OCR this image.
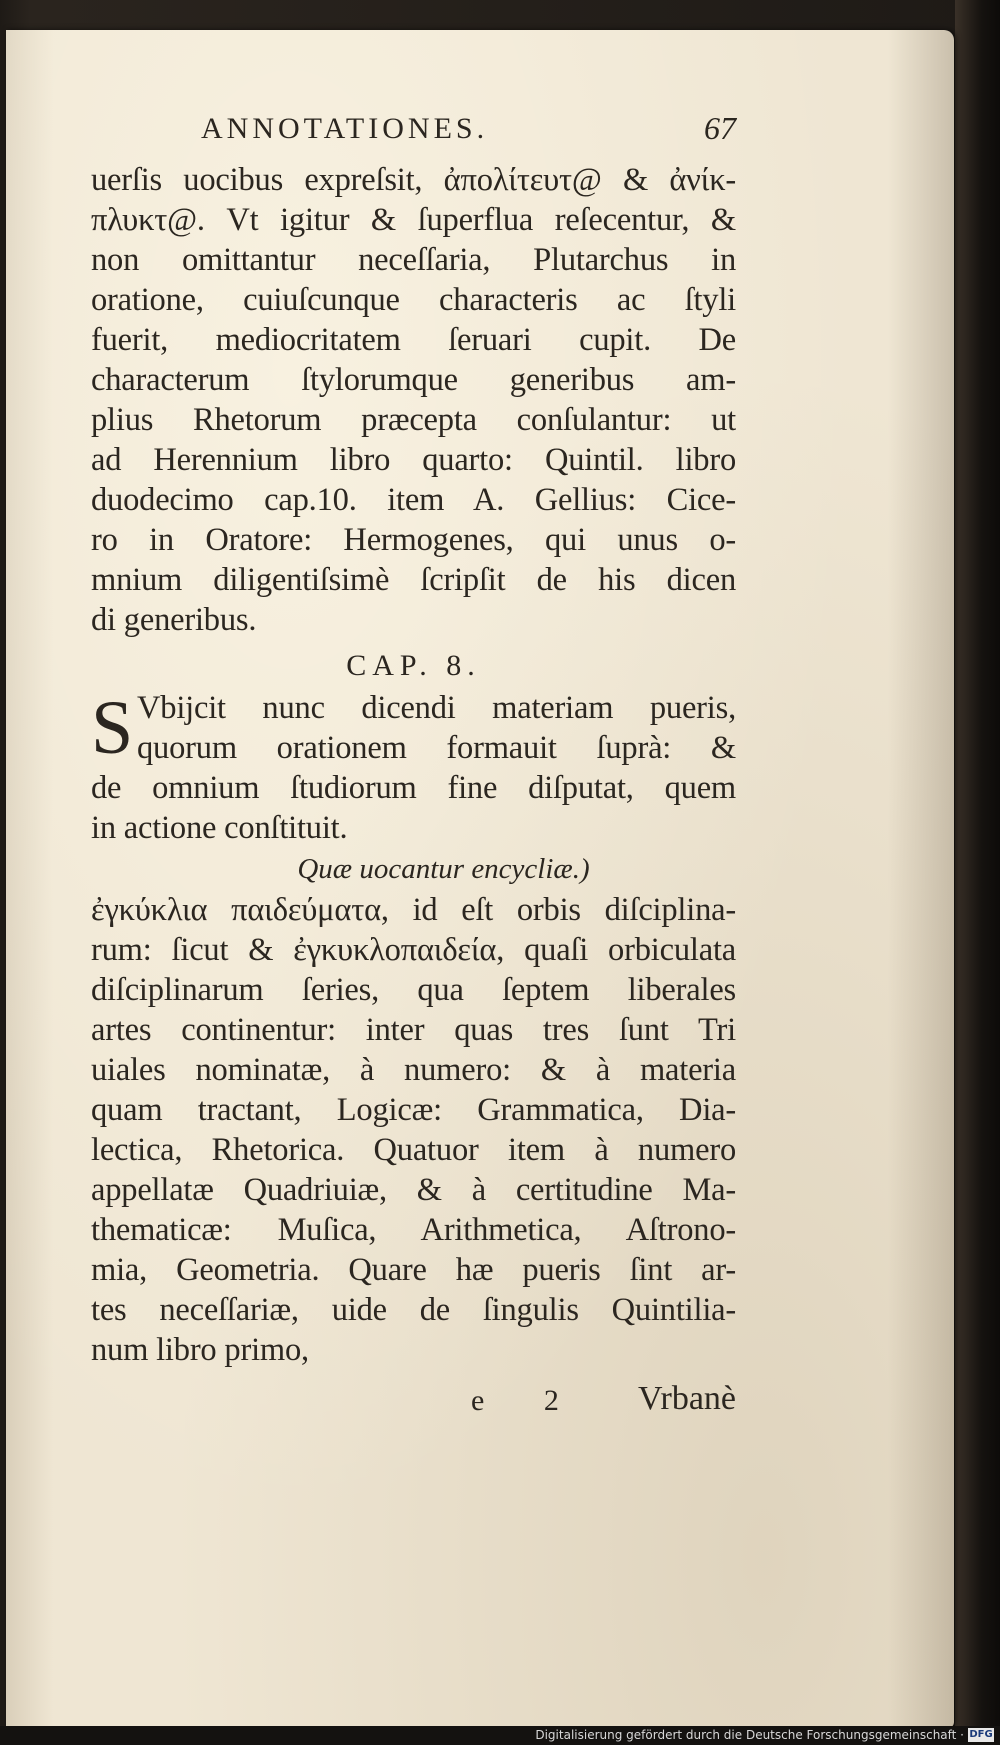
ANNOTATIONES.	67
uerſis uocibus expreſsit, ἀπολίτευτ@ & ἀνίκ-
πλυκτ@. Vt igitur & ſuperflua reſecentur, &
non omittantur neceſſaria, Plutarchus in
oratione, cuiuſcunque characteris ac ſtyli
fuerit, mediocritatem ſeruari cupit. De
characterum ſtylorumque generibus am-
plius Rhetorum præcepta conſulantur: ut
ad Herennium libro quarto: Quintil. libro
duodecimo cap.10. item A. Gellius: Cice-
ro in Oratore: Hermogenes, qui unus o-
mnium diligentiſsimè ſcripſit de his dicen
di generibus.
CAP. 8.
S Vbijcit nunc dicendi materiam pueris,
quorum orationem formauit ſuprà: &
de omnium ſtudiorum fine diſputat, quem
in actione conſtituit.
Quæ uocantur encycliæ.)
ἐγκύκλια παιδεύματα, id eſt orbis diſciplina-
rum: ſicut & ἐγκυκλοπαιδεία, quaſi orbiculata
diſciplinarum ſeries, qua ſeptem liberales
artes continentur: inter quas tres ſunt Tri
uiales nominatæ, à numero: & à materia
quam tractant, Logicæ: Grammatica, Dia-
lectica, Rhetorica. Quatuor item à numero
appellatæ Quadriuiæ, & à certitudine Ma-
thematicæ: Muſica, Arithmetica, Aſtrono-
mia, Geometria. Quare hæ pueris ſint ar-
tes neceſſariæ, uide de ſingulis Quintilia-
num libro primo,
e 2 Vrbanè
Digitalisierung gefördert durch die Deutsche Forschungsgemeinschaft · DFG
